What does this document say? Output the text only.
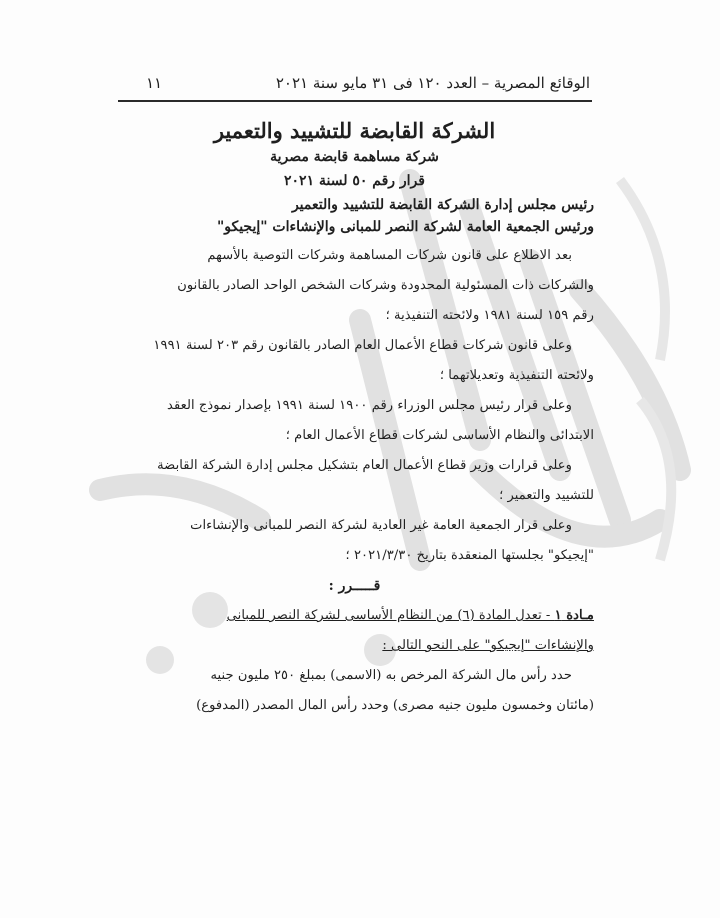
الوقائع المصرية – العدد ١٢٠ فى ٣١ مايو سنة ٢٠٢١
١١
الشركة القابضة للتشييد والتعمير
شركة مساهمة قابضة مصرية
قرار رقم ٥٠ لسنة ٢٠٢١
رئيس مجلس إدارة الشركة القابضة للتشييد والتعمير
ورئيس الجمعية العامة لشركة النصر للمبانى والإنشاءات "إيجيكو"
بعد الاطلاع على قانون شركات المساهمة وشركات التوصية بالأسهم
والشركات ذات المسئولية المحدودة وشركات الشخص الواحد الصادر بالقانون
رقم ١٥٩ لسنة ١٩٨١ ولائحته التنفيذية ؛
وعلى قانون شركات قطاع الأعمال العام الصادر بالقانون رقم ٢٠٣ لسنة ١٩٩١
ولائحته التنفيذية وتعديلاتهما ؛
وعلى قرار رئيس مجلس الوزراء رقم ١٩٠٠ لسنة ١٩٩١ بإصدار نموذج العقد
الابتدائى والنظام الأساسى لشركات قطاع الأعمال العام ؛
وعلى قرارات وزير قطاع الأعمال العام بتشكيل مجلس إدارة الشركة القابضة
للتشييد والتعمير ؛
وعلى قرار الجمعية العامة غير العادية لشركة النصر للمبانى والإنشاءات
"إيجيكو" بجلستها المنعقدة بتاريخ ٢٠٢١/٣/٣٠ ؛
قـــــرر :
مـادة ١ - تعدل المادة (٦) من النظام الأساسى لشركة النصر للمبانى
والإنشاءات "إيجيكو" على النحو التالى :
حدد رأس مال الشركة المرخص به (الاسمى) بمبلغ ٢٥٠ مليون جنيه
(مائتان وخمسون مليون جنيه مصرى) وحدد رأس المال المصدر (المدفوع)
